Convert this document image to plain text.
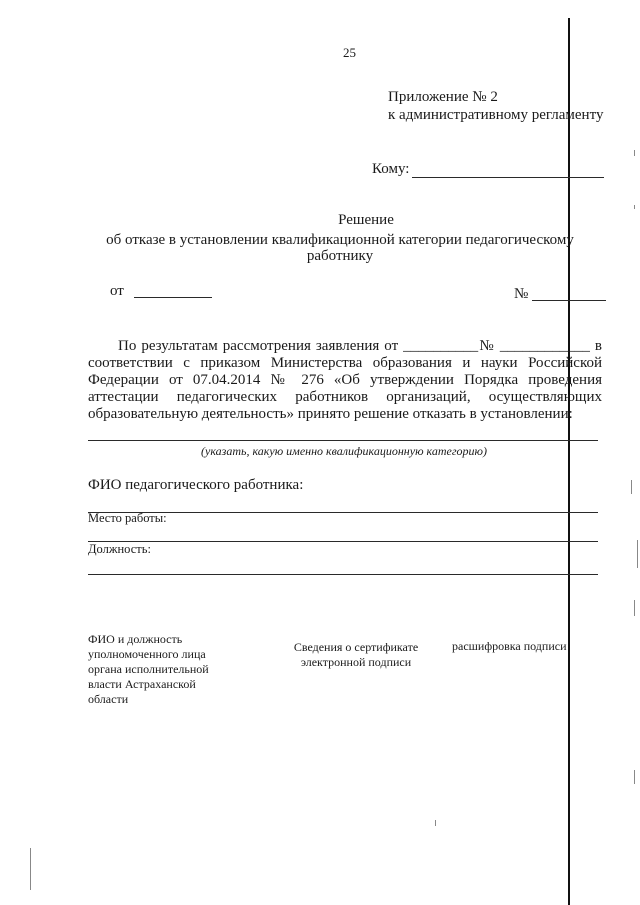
25
Приложение № 2
к административному регламенту
Кому:
Решение
об отказе в установлении квалификационной категории педагогическому
работнику
от	№
По результатам рассмотрения заявления от __________№ ____________ в
соответствии с приказом Министерства образования и науки Российской
Федерации от 07.04.2014 № 276 «Об утверждении Порядка проведения
аттестации педагогических работников организаций, осуществляющих
образовательную деятельность» принято решение отказать в установлении:
(указать, какую именно квалификационную категорию)
ФИО педагогического работника:
Место работы:
Должность:
ФИО и должность
уполномоченного лица
органа исполнительной
власти Астраханской
области
Сведения о сертификате
электронной подписи
расшифровка подписи
